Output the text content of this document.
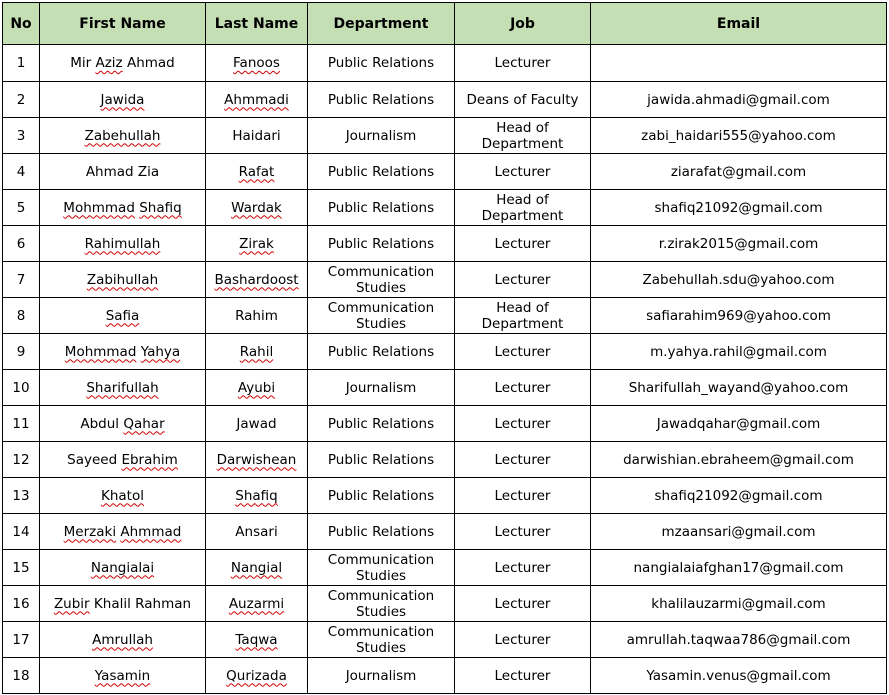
No	First Name	Last Name	Department	Job	Email
1	Mir Aziz Ahmad	Fanoos	Public Relations	Lecturer	
2	Jawida	Ahmmadi	Public Relations	Deans of Faculty	jawida.ahmadi@gmail.com
3	Zabehullah	Haidari	Journalism	Head of Department	zabi_haidari555@yahoo.com
4	Ahmad Zia	Rafat	Public Relations	Lecturer	ziarafat@gmail.com
5	Mohmmad Shafiq	Wardak	Public Relations	Head of Department	shafiq21092@gmail.com
6	Rahimullah	Zirak	Public Relations	Lecturer	r.zirak2015@gmail.com
7	Zabihullah	Bashardoost	Communication Studies	Lecturer	Zabehullah.sdu@yahoo.com
8	Safia	Rahim	Communication Studies	Head of Department	safiarahim969@yahoo.com
9	Mohmmad Yahya	Rahil	Public Relations	Lecturer	m.yahya.rahil@gmail.com
10	Sharifullah	Ayubi	Journalism	Lecturer	Sharifullah_wayand@yahoo.com
11	Abdul Qahar	Jawad	Public Relations	Lecturer	Jawadqahar@gmail.com
12	Sayeed Ebrahim	Darwishean	Public Relations	Lecturer	darwishian.ebraheem@gmail.com
13	Khatol	Shafiq	Public Relations	Lecturer	shafiq21092@gmail.com
14	Merzaki Ahmmad	Ansari	Public Relations	Lecturer	mzaansari@gmail.com
15	Nangialai	Nangial	Communication Studies	Lecturer	nangialaiafghan17@gmail.com
16	Zubir Khalil Rahman	Auzarmi	Communication Studies	Lecturer	khalilauzarmi@gmail.com
17	Amrullah	Taqwa	Communication Studies	Lecturer	amrullah.taqwaa786@gmail.com
18	Yasamin	Qurizada	Journalism	Lecturer	Yasamin.venus@gmail.com
